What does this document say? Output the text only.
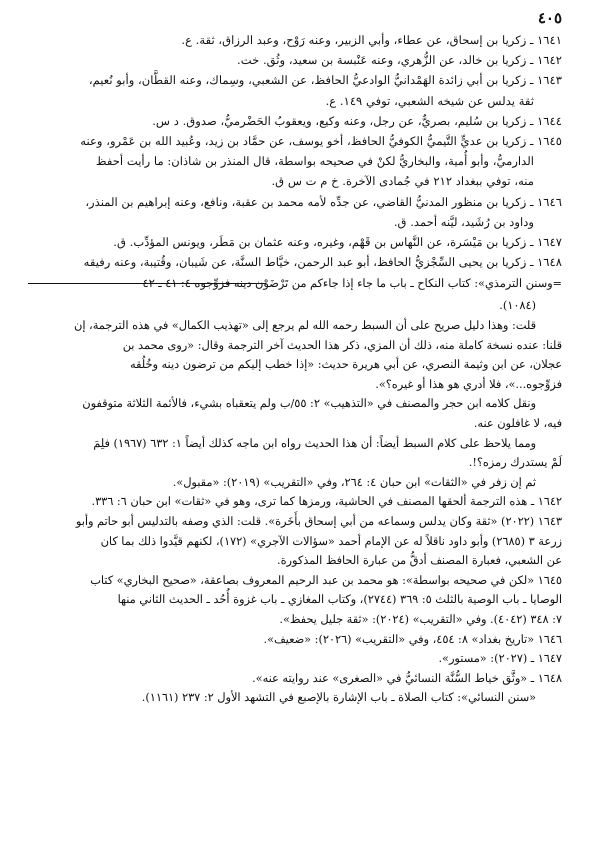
٤٠٥

١٦٤١ ـ زكريا بن إسحاق، عن عطاء، وأبي الزبير، وعنه رَوْح، وعبد الرزاق، ثقة. ع.

١٦٤٢ ـ زكريا بن خالد، عن الزُّهري، وعنه عَنْبسة بن سعيد، وثُق. خت.

١٦٤٣ ـ زكريا بن أبي زائدة الهَمْدانيُّ الوادعيُّ الحافظ، عن الشعبي، وسِماك، وعنه القطَّان، وأبو نُعيم،

ثقة يدلس عن شيخه الشعبي، توفي ١٤٩. ع.

١٦٤٤ ـ زكريا بن سُليم، بصريٌّ، عن رجل، وعنه وكيع، ويعقوبُ الحَضْرميُّ، صدوق. د س.

١٦٤٥ ـ زكريا بن عديٍّ التَّيميُّ الكوفيُّ الحافظ، أخو يوسف، عن حمَّاد بن زيد، وعُبيد الله بن عَمْرو، وعنه

الدارميُّ، وأبو أُمية، والبخاريُّ لكنْ في صحيحه بواسطة، قال المنذر بن شاذان: ما رأيت أحفظ

منه، توفي ببغداد ٢١٢ في جُمادى الآخرة. خ م ت س ق.

١٦٤٦ ـ زكريا بن منظور المدنيُّ القاضي، عن جدِّه لأمه محمد بن عقبة، ونافع، وعنه إبراهيم بن المنذر،

وداود بن رُشَيد، ليَّنه أحمد. ق.

١٦٤٧ ـ زكريا بن مَيْسَرة، عن النَّهاس بن قَهْم، وغيره، وعنه عثمان بن مَطَر، ويونس المؤدِّب. ق.

١٦٤٨ ـ زكريا بن يحيى السِّجْزيُّ الحافظ، أبو عبد الرحمن، خيَّاط السنَّة، عن شَيبان، وقُتيبة، وعنه رفيقه

=وسنن الترمذي»: كتاب النكاح ـ باب ما جاء إذا جاءكم من تَرْضَوْن دينه فزوِّجوه ٤: ٤١ ـ ٤٢

(١٠٨٤).

قلت: وهذا دليل صريح على أن السبط رحمه الله لم يرجع إلى «تهذيب الكمال» في هذه الترجمة، إن

قلنا: عنده نسخة كاملة منه، ذلك أن المزي، ذكر هذا الحديث آخر الترجمة وقال: «روى محمد بن

عجلان، عن ابن وثيمة النصري، عن أبي هريرة حديث: «إذا خطب إليكم من ترضون دينه وخُلُقه

فزوِّجوه...»، فلا أدري هو هذا أو غيره؟».

ونقل كلامه ابن حجر والمصنف في «التذهيب» ٢: ٥٥/ب ولم يتعقباه بشيء، فالأئمة الثلاثة متوقفون

فيه، لا غافلون عنه.

ومما يلاحظ على كلام السبط أيضاً: أن هذا الحديث رواه ابن ماجه كذلك أيضاً ١: ٦٣٢ (١٩٦٧) فلِمَ

لَمْ يستدرك رمزه؟!.

ثم إن زفر في «الثقات» ابن حبان ٤: ٢٦٤، وفي «التقريب» (٢٠١٩): «مقبول».

١٦٤٢ ـ هذه الترجمة ألحقها المصنف في الحاشية، ورمزها كما ترى، وهو في «ثقات» ابن حبان ٦: ٣٣٦.

١٦٤٣ (٢٠٢٢) «ثقة وكان يدلس وسماعه من أبي إسحاق بأَخَرة». قلت: الذي وصفه بالتدليس أبو حاتم وأبو

زرعة ٣ (٢٦٨٥) وأبو داود ناقلاً له عن الإمام أحمد «سؤالات الآجري» (١٧٢)، لكنهم قيَّدوا ذلك بما كان

عن الشعبي، فعبارة المصنف أدقُّ من عبارة الحافظ المذكورة.

١٦٤٥ «لكن في صحيحه بواسطة»: هو محمد بن عبد الرحيم المعروف بصاعقة، «صحيح البخاري» كتاب

الوصايا ـ باب الوصية بالثلث ٥: ٣٦٩ (٢٧٤٤)، وكتاب المغازي ـ باب غزوة أُحُد ـ الحديث الثاني منها

٧: ٣٤٨ (٤٠٤٢). وفي «التقريب» (٢٠٢٤): «ثقة جليل يحفظ».

١٦٤٦ «تاريخ بغداد» ٨: ٤٥٤، وفي «التقريب» (٢٠٢٦): «ضعيف».

١٦٤٧ ـ (٢٠٢٧): «مستور».

١٦٤٨ ـ «وثَّق خياط السُّنَّة النسائيُّ في «الصغرى» عند روايته عنه».

«سنن النسائي»: كتاب الصلاة ـ باب الإشارة بالإصبع في التشهد الأول ٢: ٢٣٧ (١١٦١).
